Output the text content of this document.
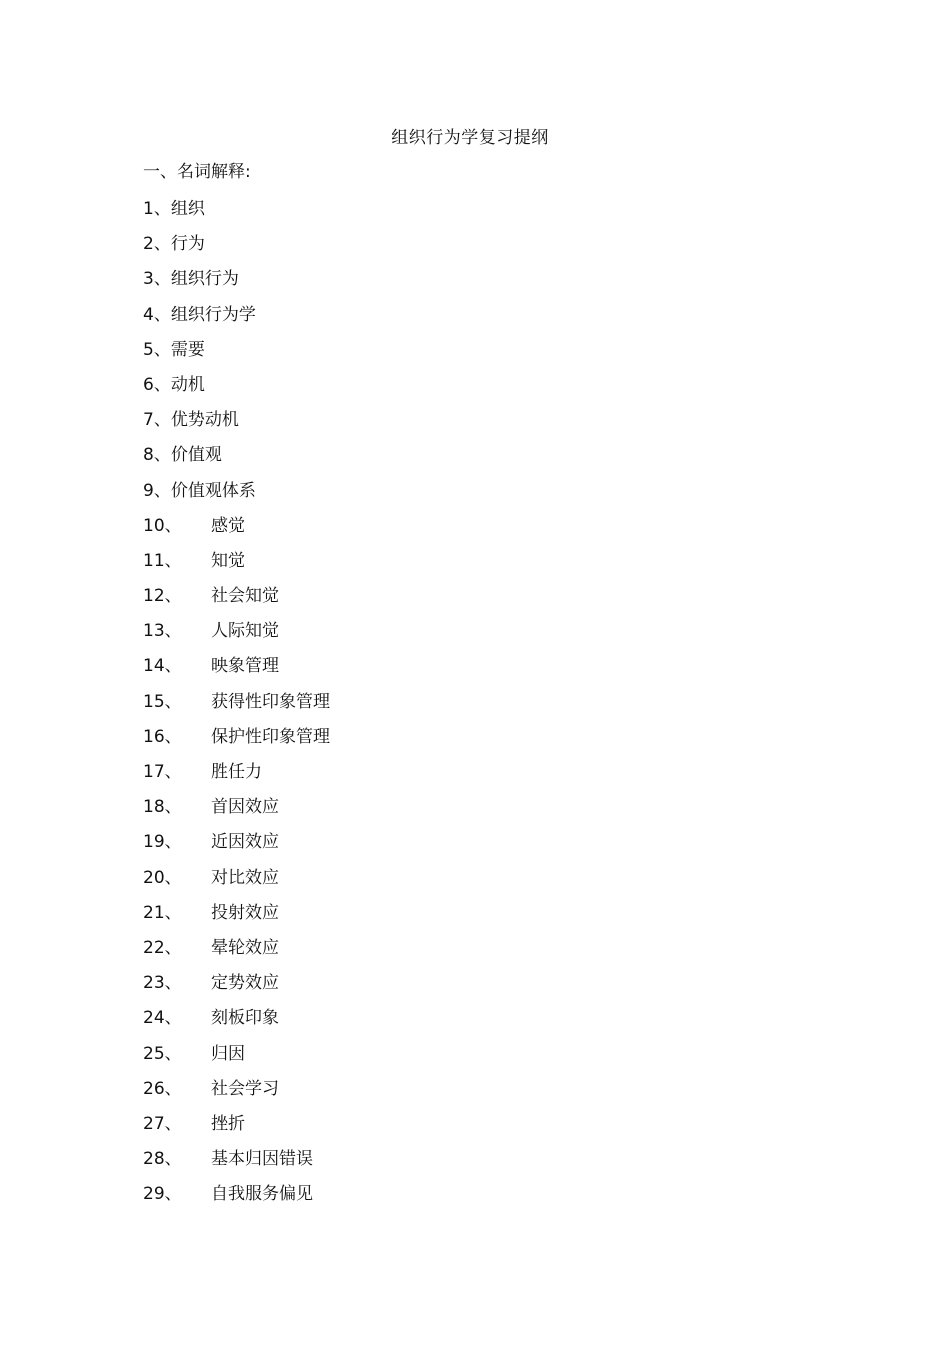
组织行为学复习提纲
一、名词解释:
1、组织
2、行为
3、组织行为
4、组织行为学
5、需要
6、动机
7、优势动机
8、价值观
9、价值观体系
10、 感觉
11、 知觉
12、 社会知觉
13、 人际知觉
14、 映象管理
15、 获得性印象管理
16、 保护性印象管理
17、 胜任力
18、 首因效应
19、 近因效应
20、 对比效应
21、 投射效应
22、 晕轮效应
23、 定势效应
24、 刻板印象
25、 归因
26、 社会学习
27、 挫折
28、 基本归因错误
29、 自我服务偏见
